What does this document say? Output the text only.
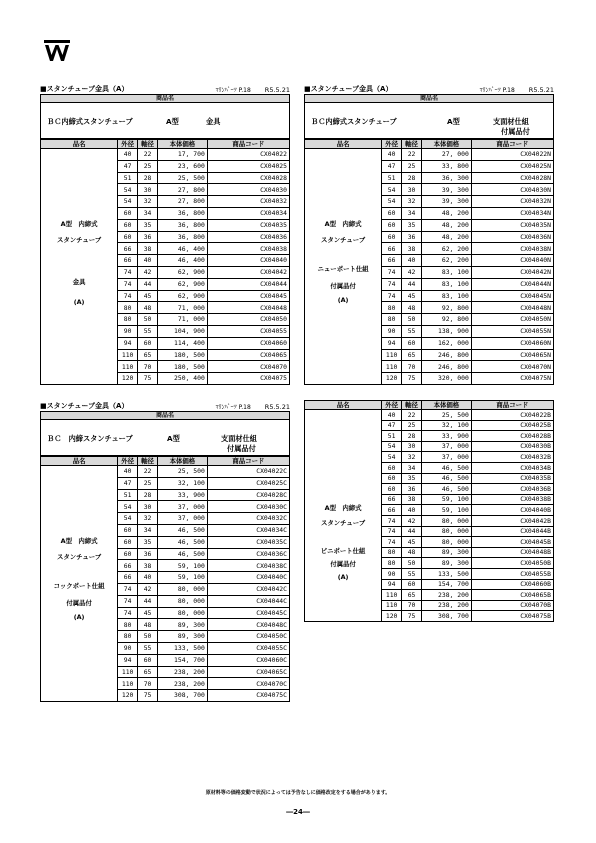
■スタンチューブ金具（A）	ﾏﾘﾝﾊﾟｰﾂ P.18 R5.5.21
商品名
ＢＣ内締式スタンチューブ	A型	金具
品名	外径	軸径	本体価格	商品コード

A型　内締式
スタンチューブ
金具
(A)	40	22	17, 700	CX04022
	47	25	23, 600	CX04025
	51	28	25, 500	CX04028
	54	30	27, 800	CX04030
	54	32	27, 800	CX04032
	60	34	36, 800	CX04034
	60	35	36, 800	CX04035
	60	36	36, 800	CX04036
	66	38	46, 400	CX04038
	66	40	46, 400	CX04040
	74	42	62, 900	CX04042
	74	44	62, 900	CX04044
	74	45	62, 900	CX04045
	80	48	71, 000	CX04048
	80	50	71, 000	CX04050
	90	55	104, 900	CX04055
	94	60	114, 400	CX04060
	110	65	180, 500	CX04065
	110	70	180, 500	CX04070
	120	75	250, 400	CX04075
■スタンチューブ金具（A）	ﾏﾘﾝﾊﾟｰﾂ P.18 R5.5.21
商品名
ＢＣ内締式スタンチューブ	A型	支面材仕組
付属品付
品名	外径	軸径	本体価格	商品コード

A型　内締式
スタンチューブ
ニューポート仕組
付属品付
(A)	40	22	27, 000	CX04022N
	47	25	33, 800	CX04025N
	51	28	36, 300	CX04028N
	54	30	39, 300	CX04030N
	54	32	39, 300	CX04032N
	60	34	48, 200	CX04034N
	60	35	48, 200	CX04035N
	60	36	48, 200	CX04036N
	66	38	62, 200	CX04038N
	66	40	62, 200	CX04040N
	74	42	83, 100	CX04042N
	74	44	83, 100	CX04044N
	74	45	83, 100	CX04045N
	80	48	92, 800	CX04048N
	80	50	92, 800	CX04050N
	90	55	138, 900	CX04055N
	94	60	162, 000	CX04060N
	110	65	246, 800	CX04065N
	110	70	246, 800	CX04070N
	120	75	320, 000	CX04075N
■スタンチューブ金具（A）	ﾏﾘﾝﾊﾟｰﾂ P.18 R5.5.21
商品名
ＢＣ　内締スタンチューブ	A型	支面材仕組
付属品付
品名	外径	軸径	本体価格	商品コード

A型　内締式
スタンチューブ
コックポート仕組
付属品付
(A)	40	22	25, 500	CX04022C
	47	25	32, 100	CX04025C
	51	28	33, 900	CX04028C
	54	30	37, 000	CX04030C
	54	32	37, 000	CX04032C
	60	34	46, 500	CX04034C
	60	35	46, 500	CX04035C
	60	36	46, 500	CX04036C
	66	38	59, 100	CX04038C
	66	40	59, 100	CX04040C
	74	42	80, 000	CX04042C
	74	44	80, 000	CX04044C
	74	45	80, 000	CX04045C
	80	48	89, 300	CX04048C
	80	50	89, 300	CX04050C
	90	55	133, 500	CX04055C
	94	60	154, 700	CX04060C
	110	65	238, 200	CX04065C
	110	70	238, 200	CX04070C
	120	75	308, 700	CX04075C
品名	外径	軸径	本体価格	商品コード

A型　内締式
スタンチューブ
ビニポート仕組
付属品付
(A)	40	22	25, 500	CX04022B
	47	25	32, 100	CX04025B
	51	28	33, 900	CX04028B
	54	30	37, 000	CX04030B
	54	32	37, 000	CX04032B
	60	34	46, 500	CX04034B
	60	35	46, 500	CX04035B
	60	36	46, 500	CX04036B
	66	38	59, 100	CX04038B
	66	40	59, 100	CX04040B
	74	42	80, 000	CX04042B
	74	44	80, 000	CX04044B
	74	45	80, 000	CX04045B
	80	48	89, 300	CX04048B
	80	50	89, 300	CX04050B
	90	55	133, 500	CX04055B
	94	60	154, 700	CX04060B
	110	65	238, 200	CX04065B
	110	70	238, 200	CX04070B
	120	75	308, 700	CX04075B
原材料等の価格変動で状況によっては予告なしに価格改定をする場合があります。
―24―
